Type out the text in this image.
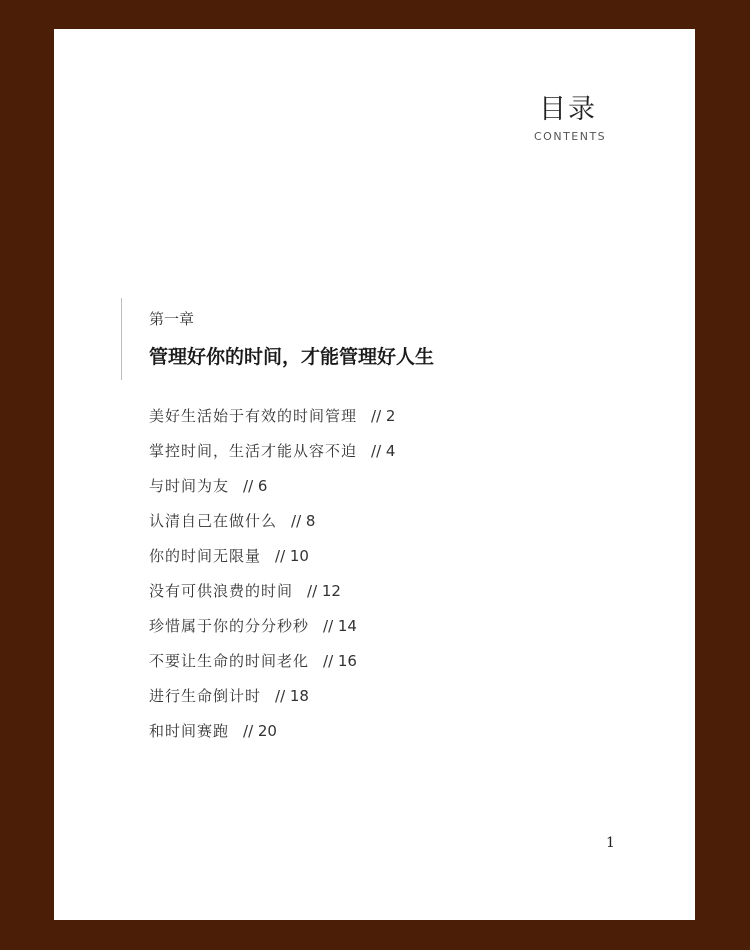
目录
CONTENTS
第一章
管理好你的时间，才能管理好人生
美好生活始于有效的时间管理 // 2
掌控时间，生活才能从容不迫 // 4
与时间为友 // 6
认清自己在做什么 // 8
你的时间无限量 // 10
没有可供浪费的时间 // 12
珍惜属于你的分分秒秒 // 14
不要让生命的时间老化 // 16
进行生命倒计时 // 18
和时间赛跑 // 20
1
